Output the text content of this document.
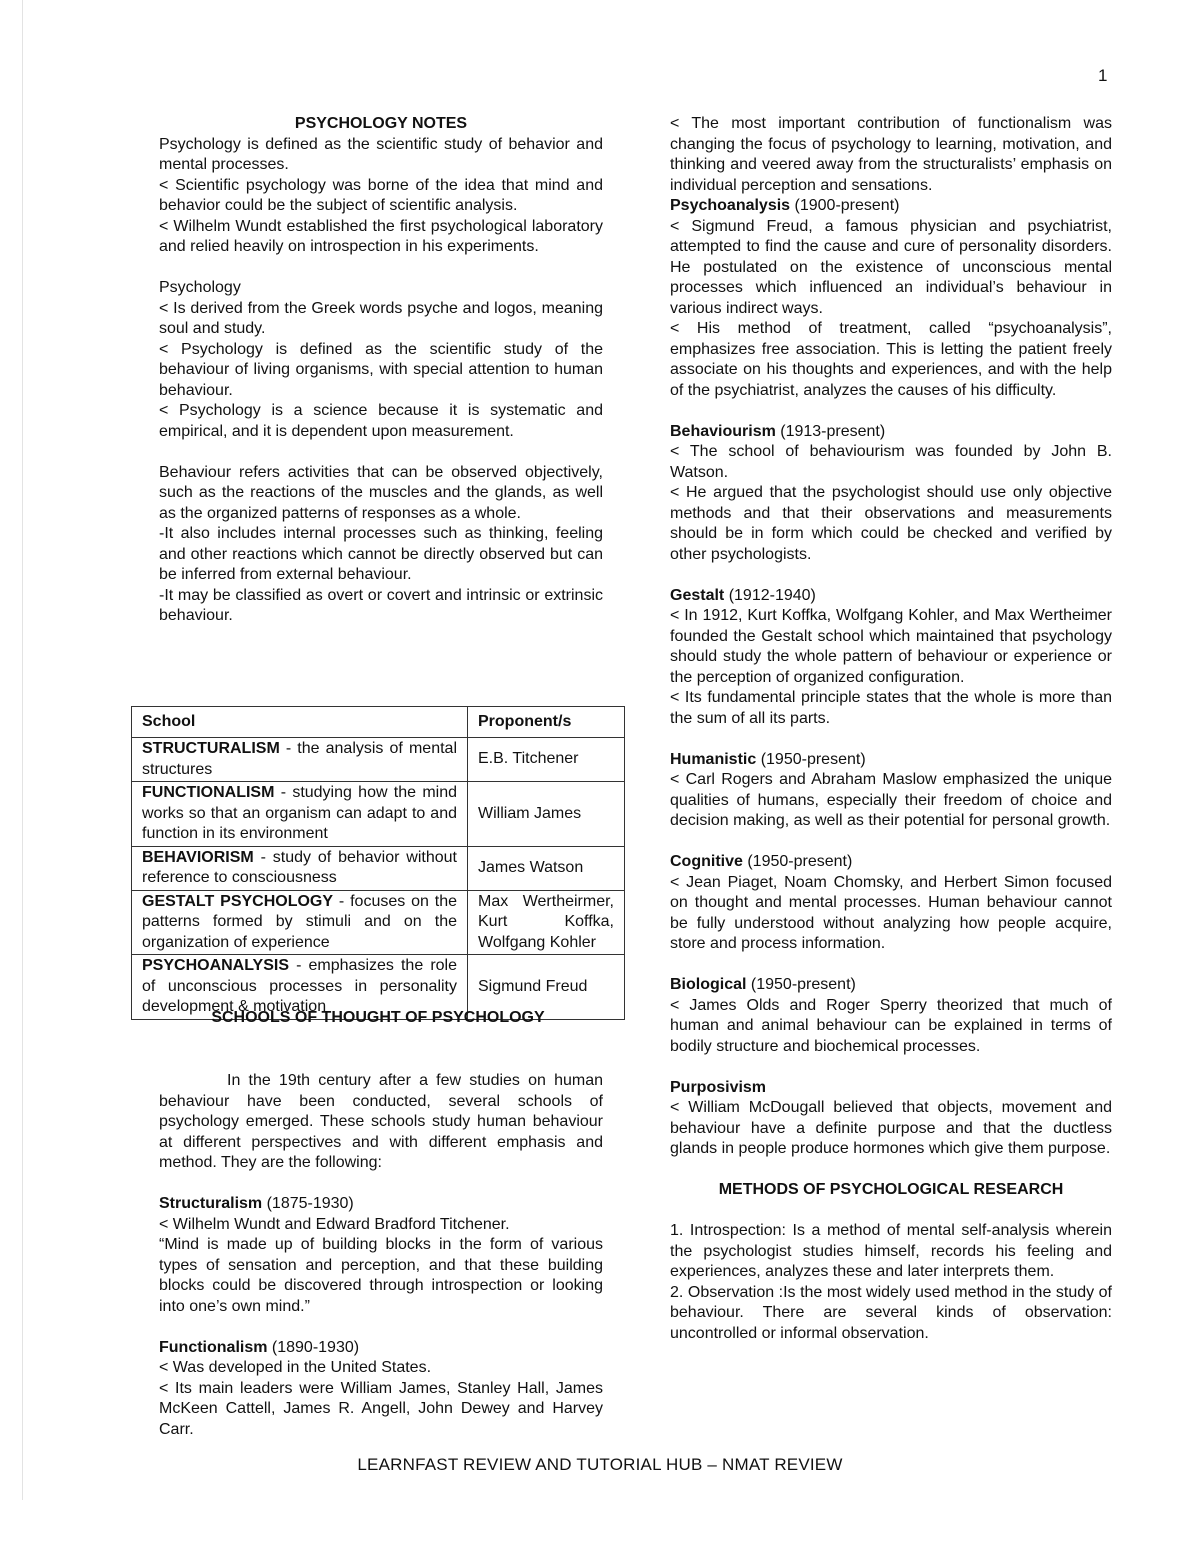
1

PSYCHOLOGY NOTES

Psychology is defined as the scientific study of behavior and mental processes.

< Scientific psychology was borne of the idea that mind and behavior could be the subject of scientific analysis.

< Wilhelm Wundt established the first psychological laboratory and relied heavily on introspection in his experiments.

Psychology

< Is derived from the Greek words psyche and logos, meaning soul and study.

< Psychology is defined as the scientific study of the behaviour of living organisms, with special attention to human behaviour.

< Psychology is a science because it is systematic and empirical, and it is dependent upon measurement.

Behaviour refers activities that can be observed objectively, such as the reactions of the muscles and the glands, as well as the organized patterns of responses as a whole.

-It also includes internal processes such as thinking, feeling and other reactions which cannot be directly observed but can be inferred from external behaviour.

-It may be classified as overt or covert and intrinsic or extrinsic behaviour.

School	Proponent/s
STRUCTURALISM - the analysis of mental structures	E.B. Titchener
FUNCTIONALISM - studying how the mind works so that an organism can adapt to and function in its environment	William James
BEHAVIORISM - study of behavior without reference to consciousness	James Watson
GESTALT PSYCHOLOGY - focuses on the patterns formed by stimuli and on the organization of experience	Max Wertheirmer, Kurt Koffka, Wolfgang Kohler
PSYCHOANALYSIS - emphasizes the role of unconscious processes in personality development & motivation	Sigmund Freud
SCHOOLS OF THOUGHT OF PSYCHOLOGY

In the 19th century after a few studies on human behaviour have been conducted, several schools of psychology emerged. These schools study human behaviour at different perspectives and with different emphasis and method. They are the following:

Structuralism (1875-1930)

< Wilhelm Wundt and Edward Bradford Titchener.

“Mind is made up of building blocks in the form of various types of sensation and perception, and that these building blocks could be discovered through introspection or looking into one’s own mind.”

Functionalism (1890-1930)

< Was developed in the United States.

< Its main leaders were William James, Stanley Hall, James McKeen Cattell, James R. Angell, John Dewey and Harvey Carr.

< The most important contribution of functionalism was changing the focus of psychology to learning, motivation, and thinking and veered away from the structuralists’ emphasis on individual perception and sensations.

Psychoanalysis (1900-present)

< Sigmund Freud, a famous physician and psychiatrist, attempted to find the cause and cure of personality disorders. He postulated on the existence of unconscious mental processes which influenced an individual’s behaviour in various indirect ways.

< His method of treatment, called “psychoanalysis”, emphasizes free association. This is letting the patient freely associate on his thoughts and experiences, and with the help of the psychiatrist, analyzes the causes of his difficulty.

Behaviourism (1913-present)

< The school of behaviourism was founded by John B. Watson.

< He argued that the psychologist should use only objective methods and that their observations and measurements should be in form which could be checked and verified by other psychologists.

Gestalt (1912-1940)

< In 1912, Kurt Koffka, Wolfgang Kohler, and Max Wertheimer founded the Gestalt school which maintained that psychology should study the whole pattern of behaviour or experience or the perception of organized configuration.

< Its fundamental principle states that the whole is more than the sum of all its parts.

Humanistic (1950-present)

< Carl Rogers and Abraham Maslow emphasized the unique qualities of humans, especially their freedom of choice and decision making, as well as their potential for personal growth.

Cognitive (1950-present)

< Jean Piaget, Noam Chomsky, and Herbert Simon focused on thought and mental processes. Human behaviour cannot be fully understood without analyzing how people acquire, store and process information.

Biological (1950-present)

< James Olds and Roger Sperry theorized that much of human and animal behaviour can be explained in terms of bodily structure and biochemical processes.

Purposivism

< William McDougall believed that objects, movement and behaviour have a definite purpose and that the ductless glands in people produce hormones which give them purpose.

METHODS OF PSYCHOLOGICAL RESEARCH

1. Introspection: Is a method of mental self-analysis wherein the psychologist studies himself, records his feeling and experiences, analyzes these and later interprets them.

2. Observation :Is the most widely used method in the study of behaviour. There are several kinds of observation: uncontrolled or informal observation.

LEARNFAST REVIEW AND TUTORIAL HUB – NMAT REVIEW
